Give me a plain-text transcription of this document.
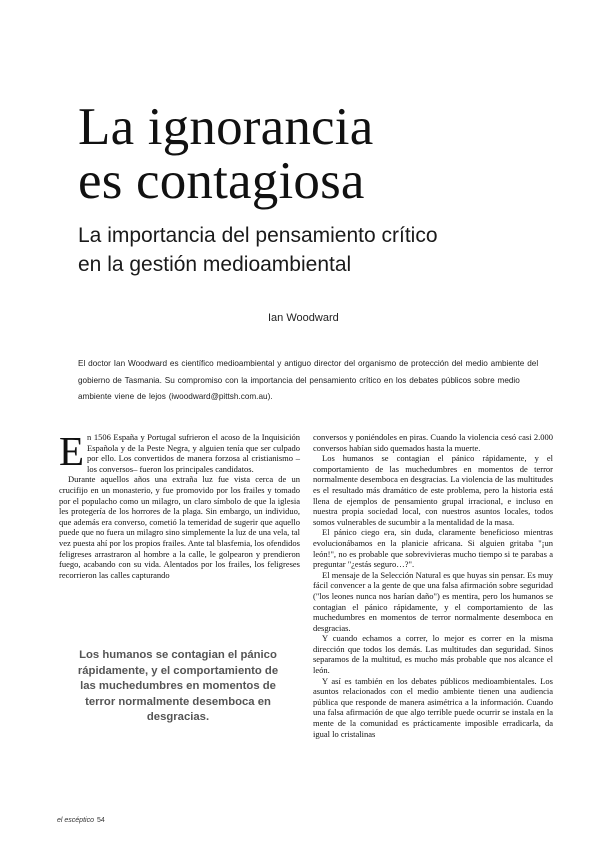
La ignorancia
es contagiosa
La importancia del pensamiento crítico
en la gestión medioambiental

Ian Woodward

El doctor Ian Woodward es científico medioambiental y antiguo director del organismo de protección del medio ambiente del gobierno de Tasmania. Su compromiso con la importancia del pensamiento crítico en los debates públicos sobre medio ambiente viene de lejos (iwoodward@pittsh.com.au).

En 1506 España y Portugal sufrieron el acoso de la Inquisición Española y de la Peste Negra, y alguien tenía que ser culpado por ello. Los convertidos de manera forzosa al cristianismo –los conversos– fueron los principales candidatos.

Durante aquellos años una extraña luz fue vista cerca de un crucifijo en un monasterio, y fue promovido por los frailes y tomado por el populacho como un milagro, un claro símbolo de que la iglesia les protegería de los horrores de la plaga. Sin embargo, un individuo, que además era converso, cometió la temeridad de sugerir que aquello puede que no fuera un milagro sino simplemente la luz de una vela, tal vez puesta ahí por los propios frailes. Ante tal blasfemia, los ofendidos feligreses arrastraron al hombre a la calle, le golpearon y prendieron fuego, acabando con su vida. Alentados por los frailes, los feligreses recorrieron las calles capturando

Los humanos se contagian el pánico rápidamente, y el comportamiento de las muchedumbres en momentos de terror normalmente desemboca en desgracias.

conversos y poniéndoles en piras. Cuando la violencia cesó casi 2.000 conversos habían sido quemados hasta la muerte.

Los humanos se contagian el pánico rápidamente, y el comportamiento de las muchedumbres en momentos de terror normalmente desemboca en desgracias. La violencia de las multitudes es el resultado más dramático de este problema, pero la historia está llena de ejemplos de pensamiento grupal irracional, e incluso en nuestra propia sociedad local, con nuestros asuntos locales, todos somos vulnerables de sucumbir a la mentalidad de la masa.

El pánico ciego era, sin duda, claramente beneficioso mientras evolucionábamos en la planicie africana. Si alguien gritaba "¡un león!", no es probable que sobrevivieras mucho tiempo si te parabas a preguntar "¿estás seguro…?".

El mensaje de la Selección Natural es que huyas sin pensar. Es muy fácil convencer a la gente de que una falsa afirmación sobre seguridad ("los leones nunca nos harían daño") es mentira, pero los humanos se contagian el pánico rápidamente, y el comportamiento de las muchedumbres en momentos de terror normalmente desemboca en desgracias.

Y cuando echamos a correr, lo mejor es correr en la misma dirección que todos los demás. Las multitudes dan seguridad. Sinos separamos de la multitud, es mucho más probable que nos alcance el león.

Y así es también en los debates públicos medioambientales. Los asuntos relacionados con el medio ambiente tienen una audiencia pública que responde de manera asimétrica a la información. Cuando una falsa afirmación de que algo terrible puede ocurrir se instala en la mente de la comunidad es prácticamente imposible erradicarla, da igual lo cristalinas

el escéptico 54
